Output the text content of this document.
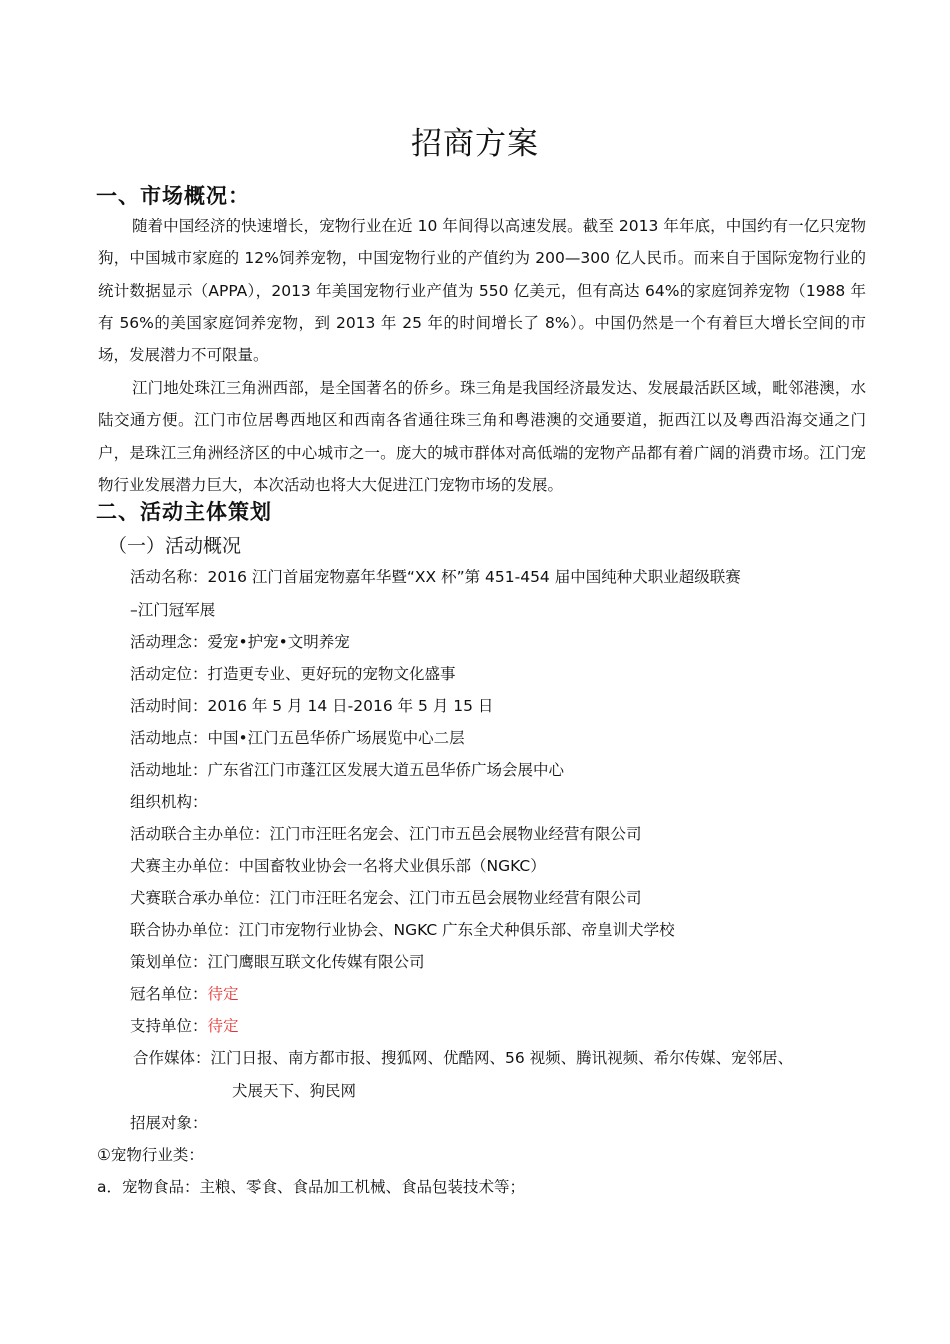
招商方案
一、市场概况：

随着中国经济的快速增长，宠物行业在近 10 年间得以高速发展。截至 2013 年年底，中国约有一亿只宠物狗，中国城市家庭的 12%饲养宠物，中国宠物行业的产值约为 200—300 亿人民币。而来自于国际宠物行业的统计数据显示（APPA），2013 年美国宠物行业产值为 550 亿美元，但有高达 64%的家庭饲养宠物（1988 年有 56%的美国家庭饲养宠物，到 2013 年 25 年的时间增长了 8%）。中国仍然是一个有着巨大增长空间的市场，发展潜力不可限量。

江门地处珠江三角洲西部，是全国著名的侨乡。珠三角是我国经济最发达、发展最活跃区域，毗邻港澳，水陆交通方便。江门市位居粤西地区和西南各省通往珠三角和粤港澳的交通要道，扼西江以及粤西沿海交通之门户，是珠江三角洲经济区的中心城市之一。庞大的城市群体对高低端的宠物产品都有着广阔的消费市场。江门宠物行业发展潜力巨大，本次活动也将大大促进江门宠物市场的发展。

二、活动主体策划
（一）活动概况
活动名称：2016 江门首届宠物嘉年华暨“XX 杯”第 451-454 届中国纯种犬职业超级联赛
–江门冠军展
活动理念：爱宠•护宠•文明养宠
活动定位：打造更专业、更好玩的宠物文化盛事
活动时间：2016 年 5 月 14 日-2016 年 5 月 15 日
活动地点：中国•江门五邑华侨广场展览中心二层
活动地址：广东省江门市蓬江区发展大道五邑华侨广场会展中心
组织机构：
活动联合主办单位：江门市汪旺名宠会、江门市五邑会展物业经营有限公司
犬赛主办单位：中国畜牧业协会一名将犬业俱乐部（NGKC）
犬赛联合承办单位：江门市汪旺名宠会、江门市五邑会展物业经营有限公司
联合协办单位：江门市宠物行业协会、NGKC 广东全犬种俱乐部、帝皇训犬学校
策划单位：江门鹰眼互联文化传媒有限公司
冠名单位：待定
支持单位：待定
合作媒体：江门日报、南方都市报、搜狐网、优酷网、56 视频、腾讯视频、希尔传媒、宠邻居、
犬展天下、狗民网
招展对象：
①宠物行业类：
a．宠物食品：主粮、零食、食品加工机械、食品包装技术等；
